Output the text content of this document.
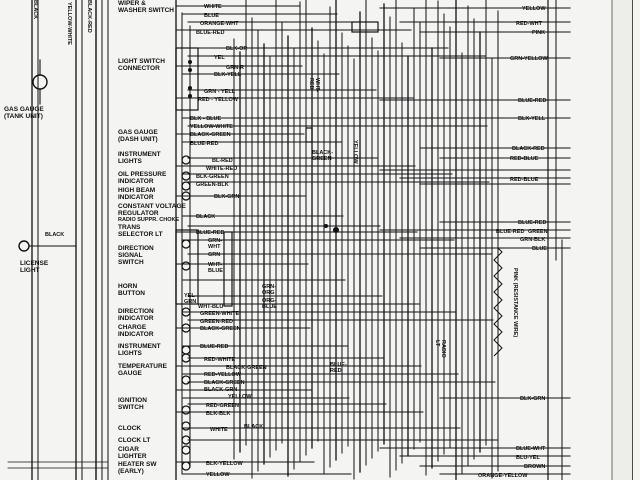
GAS GAUGE
(TANK UNIT)
LICENSE
LIGHT
WIPER &
WASHER SWITCH
LIGHT SWITCH
CONNECTOR
GAS GAUGE
(DASH UNIT)
INSTRUMENT
LIGHTS
OIL PRESSURE
INDICATOR
HIGH BEAM
INDICATOR
CONSTANT VOLTAGE
REGULATOR
RADIO SUPPR. CHOKE
TRANS
SELECTOR LT
DIRECTION
SIGNAL
SWITCH
HORN
BUTTON
DIRECTION
INDICATOR
CHARGE
INDICATOR
INSTRUMENT
LIGHTS
TEMPERATURE
GAUGE
IGNITION
SWITCH
CLOCK
CLOCK LT
CIGAR
LIGHTER
HEATER SW
(EARLY)
BLACK	YELLOW-WHITE	BLACK-RED
BLACK
WHITE
BLUE
ORANGE-WHT
BLUE-RED
BLK-OR
YEL
GRN-R
BLK-YELL
GRN - YELL
RED - YELLOW
BLK - BLUE
YELLOW-WHITE
BLACK-GREEN
BLUE-RED
BL-RED
WHITE-RED
BLK-GREEN
GREEN-BLK
BLK-GRN
BLACK
BLUE-RED
GRN-
WHT
GRN
WHT-
BLUE
YEL-
GRN
WHT-BLU
GRN-
ORG
ORG-
BLUE
GREEN-WHITE
GREEN-RED
BLACK-GREEN
BLUE-RED
RED-WHITE
BLACK-GREEN
RED-YELLOW
BLACK-GREEN
BLACK-GRN
YELLOW
RED-GREEN
BLK-BLK
WHITE	BLACK
BLK-YELLOW
YELLOW
WHT-
RED
BLACK-
GREEN	YELLOW
BLUE-
RED
RADIO
LT
PINK (RESISTANCE WIRE)
YELLOW
RED-WHT
PINK
GRN-YELLOW
BLUE-RED
BLK-YELL
BLACK-RED
RED-BLUE
RED-BLUE
BLUE-RED
BLUE-RED GREEN
GRN-BLK
BLUE
BLK-GRN
BLUE-WHT
BLU-YEL
BROWN
ORANGE-YELLOW
